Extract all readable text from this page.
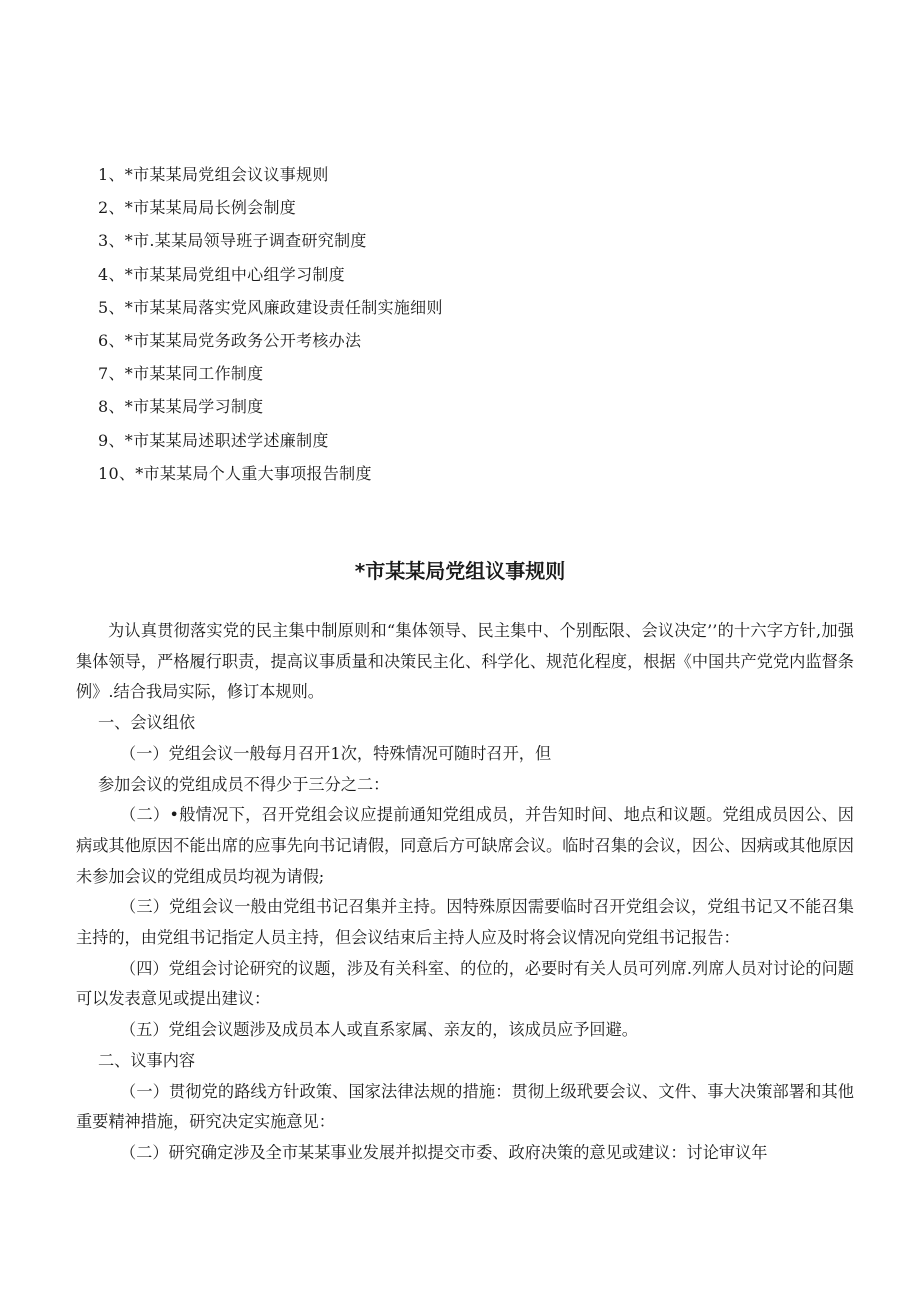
1、*市某某局党组会议议事规则
2、*市某某局局长例会制度
3、*市.某某局领导班子调查研究制度
4、*市某某局党组中心组学习制度
5、*市某某局落实党风廉政建设责任制实施细则
6、*市某某局党务政务公开考核办法
7、*市某某同工作制度
8、*市某某局学习制度
9、*市某某局述职述学述廉制度
10、*市某某局个人重大事项报告制度
*市某某局党组议事规则

为认真贯彻落实党的民主集中制原则和“集体领导、民主集中、个别酝限、会议决定’’的十六字方针,加强集体领导，严格履行职责，提高议事质量和决策民主化、科学化、规范化程度，根据《中国共产党党内监督条例》.结合我局实际，修订本规则。

一、会议组依

（一）党组会议一般每月召开1次，特殊情况可随时召开，但

参加会议的党组成员不得少于三分之二：

（二）•般情况下，召开党组会议应提前通知党组成员，并告知时间、地点和议题。党组成员因公、因病或其他原因不能出席的应事先向书记请假，同意后方可缺席会议。临时召集的会议，因公、因病或其他原因未参加会议的党组成员均视为请假;

（三）党组会议一般由党组书记召集并主持。因特殊原因需要临时召开党组会议，党组书记又不能召集主持的，由党组书记指定人员主持，但会议结束后主持人应及时将会议情况向党组书记报告：

（四）党组会讨论研究的议题，涉及有关科室、的位的，必要时有关人员可列席.列席人员对讨论的问题可以发表意见或提出建议：

（五）党组会议题涉及成员本人或直系家属、亲友的，该成员应予回避。

二、议事内容

（一）贯彻党的路线方针政策、国家法律法规的措施：贯彻上级玳要会议、文件、事大决策部署和其他重要精神措施，研究决定实施意见：

（二）研究确定涉及全市某某事业发展并拟提交市委、政府决策的意见或建议：讨论审议年
